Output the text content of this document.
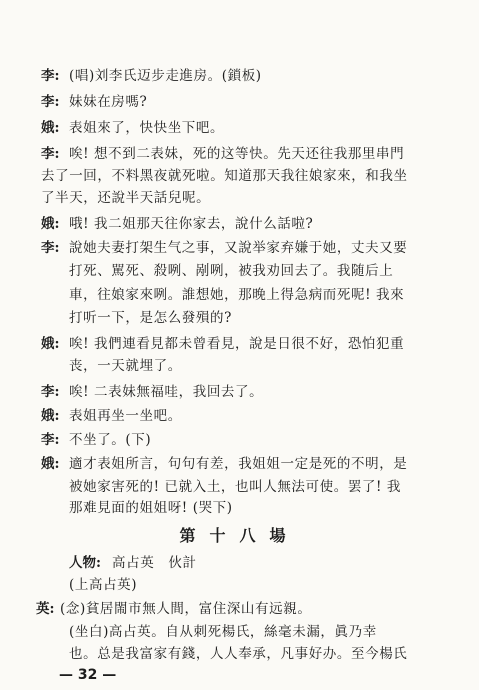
李: (唱)刘李氏迈步走進房。(鎖板)
李: 妹妹在房嗎?
娥: 表姐來了，快快坐下吧。
李: 唉! 想不到二表妹，死的这等快。先天还往我那里串門
去了一回，不料黑夜就死啦。知道那天我往娘家來，和我坐
了半天，还說半天話兒呢。
娥: 哦! 我二姐那天往你家去，說什么話啦?
李: 說她夫妻打架生气之事，又說举家弃嫌于她，丈夫又要
打死、駡死、殺咧、剐咧，被我劝回去了。我随后上
車，往娘家來咧。誰想她，那晚上得急病而死呢! 我來
打听一下，是怎么發殞的?
娥: 唉! 我們連看見都未曾看見，說是日很不好，恐怕犯重
丧，一天就埋了。
李: 唉! 二表妹無福哇，我回去了。
娥: 表姐再坐一坐吧。
李: 不坐了。(下)
娥: 適才表姐所言，句句有差，我姐姐一定是死的不明，是
被她家害死的! 已就入土，也叫人無法可使。罢了! 我
那难見面的姐姐呀! (哭下)
第十八場
人物: 高占英　伙計
(上高占英)
英: (念)貧居閙市無人間，富住深山有远親。
(坐白)高占英。自从刺死楊氏，絲毫未漏，眞乃幸
也。总是我富家有錢，人人奉承，凡事好办。至今楊氏
— 32 —
